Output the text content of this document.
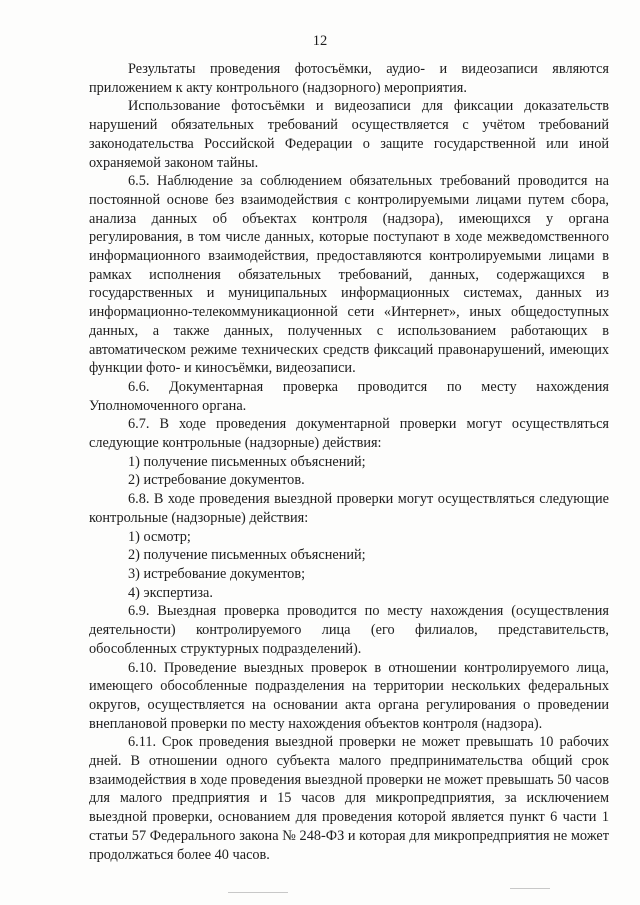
12

Результаты проведения фотосъёмки, аудио- и видеозаписи являются приложением к акту контрольного (надзорного) мероприятия.

Использование фотосъёмки и видеозаписи для фиксации доказательств нарушений обязательных требований осуществляется с учётом требований законодательства Российской Федерации о защите государственной или иной охраняемой законом тайны.

6.5. Наблюдение за соблюдением обязательных требований проводится на постоянной основе без взаимодействия с контролируемыми лицами путем сбора, анализа данных об объектах контроля (надзора), имеющихся у органа регулирования, в том числе данных, которые поступают в ходе межведомственного информационного взаимодействия, предоставляются контролируемыми лицами в рамках исполнения обязательных требований, данных, содержащихся в государственных и муниципальных информационных системах, данных из информационно-телекоммуникационной сети «Интернет», иных общедоступных данных, а также данных, полученных с использованием работающих в автоматическом режиме технических средств фиксаций правонарушений, имеющих функции фото- и киносъёмки, видеозаписи.

6.6. Документарная проверка проводится по месту нахождения Уполномоченного органа.

6.7. В ходе проведения документарной проверки могут осуществляться следующие контрольные (надзорные) действия:

1) получение письменных объяснений;

2) истребование документов.

6.8. В ходе проведения выездной проверки могут осуществляться следующие контрольные (надзорные) действия:

1) осмотр;

2) получение письменных объяснений;

3) истребование документов;

4) экспертиза.

6.9. Выездная проверка проводится по месту нахождения (осуществления деятельности) контролируемого лица (его филиалов, представительств, обособленных структурных подразделений).

6.10. Проведение выездных проверок в отношении контролируемого лица, имеющего обособленные подразделения на территории нескольких федеральных округов, осуществляется на основании акта органа регулирования о проведении внеплановой проверки по месту нахождения объектов контроля (надзора).

6.11. Срок проведения выездной проверки не может превышать 10 рабочих дней. В отношении одного субъекта малого предпринимательства общий срок взаимодействия в ходе проведения выездной проверки не может превышать 50 часов для малого предприятия и 15 часов для микропредприятия, за исключением выездной проверки, основанием для проведения которой является пункт 6 части 1 статьи 57 Федерального закона № 248-ФЗ и которая для микропредприятия не может продолжаться более 40 часов.
